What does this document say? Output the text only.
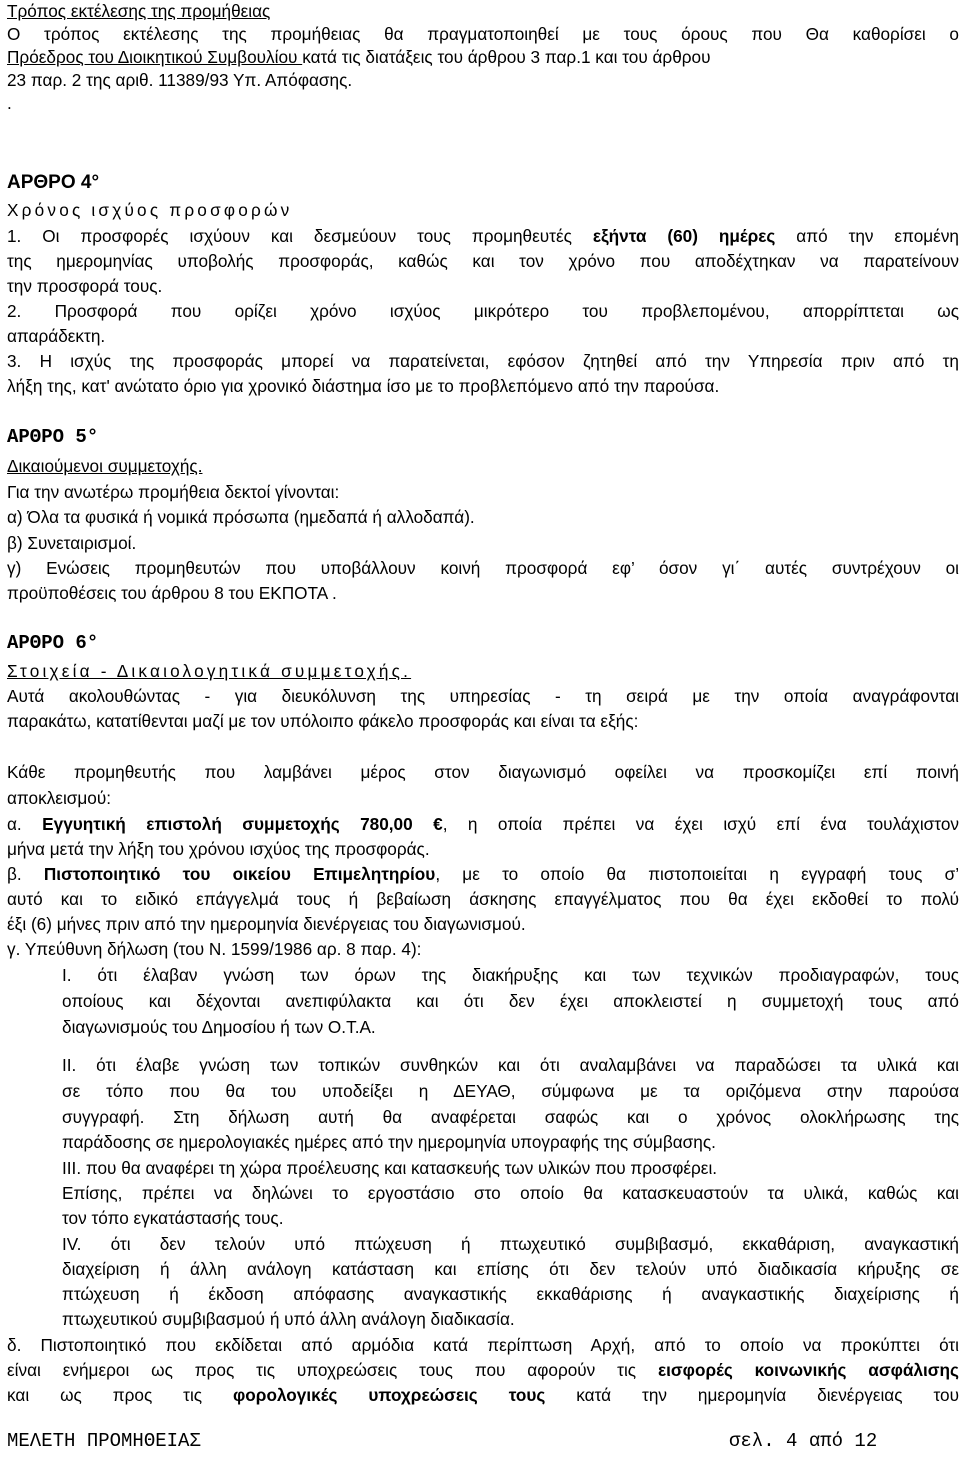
Τρόπος εκτέλεσης της προμήθειας
Ο τρόπος εκτέλεσης της προμήθειας θα πραγματοποιηθεί με τους όρους που Θα καθορίσει ο
Πρόεδρος του Διοικητικού Συμβουλίου κατά τις διατάξεις του άρθρου 3 παρ.1 και του άρθρου
23 παρ. 2 της αριθ. 11389/93 Υπ. Απόφασης.
.
ΑΡΘΡΟ 4°
Χρόνος ισχύος προσφορών
1. Οι προσφορές ισχύουν και δεσμεύουν τους προμηθευτές εξήντα (60) ημέρες από την επομένη
της ημερομηνίας υποβολής προσφοράς, καθώς και τον χρόνο που αποδέχτηκαν να παρατείνουν
την προσφορά τους.
2. Προσφορά που ορίζει χρόνο ισχύος μικρότερο του προβλεπομένου, απορρίπτεται ως
απαράδεκτη.
3. Η ισχύς της προσφοράς μπορεί να παρατείνεται, εφόσον ζητηθεί από την Υπηρεσία πριν από τη
λήξη της, κατ' ανώτατο όριο για χρονικό διάστημα ίσο με το προβλεπόμενο από την παρούσα.
ΑΡΘΡΟ 5°
Δικαιούμενοι συμμετοχής.
Για την ανωτέρω προμήθεια δεκτοί γίνονται:
α) Όλα τα φυσικά ή νομικά πρόσωπα (ημεδαπά ή αλλοδαπά).
β) Συνεταιρισμοί.
γ) Ενώσεις προμηθευτών που υποβάλλουν κοινή προσφορά εφ’ όσον γι΄ αυτές συντρέχουν οι
προϋποθέσεις του άρθρου 8 του ΕΚΠΟΤΑ .
ΑΡΘΡΟ 6°
Στοιχεία - Δικαιολογητικά συμμετοχής.
Αυτά ακολουθώντας - για διευκόλυνση της υπηρεσίας - τη σειρά με την οποία αναγράφονται
παρακάτω, κατατίθενται μαζί με τον υπόλοιπο φάκελο προσφοράς και είναι τα εξής:
Κάθε προμηθευτής που λαμβάνει μέρος στον διαγωνισμό οφείλει να προσκομίζει επί ποινή
αποκλεισμού:
α. Εγγυητική επιστολή συμμετοχής 780,00 €, η οποία πρέπει να έχει ισχύ επί ένα τουλάχιστον
μήνα μετά την λήξη του χρόνου ισχύος της προσφοράς.
β. Πιστοποιητικό του οικείου Επιμελητηρίου, με το οποίο θα πιστοποιείται η εγγραφή τους σ’
αυτό και το ειδικό επάγγελμά τους ή βεβαίωση άσκησης επαγγέλματος που θα έχει εκδοθεί το πολύ
έξι (6) μήνες πριν από την ημερομηνία διενέργειας του διαγωνισμού.
γ. Υπεύθυνη δήλωση (του Ν. 1599/1986 αρ. 8 παρ. 4):
Ι. ότι έλαβαν γνώση των όρων της διακήρυξης και των τεχνικών προδιαγραφών, τους
οποίους και δέχονται ανεπιφύλακτα και ότι δεν έχει αποκλειστεί η συμμετοχή τους από
διαγωνισμούς του Δημοσίου ή των Ο.Τ.Α.
ΙΙ. ότι έλαβε γνώση των τοπικών συνθηκών και ότι αναλαμβάνει να παραδώσει τα υλικά και
σε τόπο που θα του υποδείξει η ΔΕΥΑΘ, σύμφωνα με τα οριζόμενα στην παρούσα
συγγραφή. Στη δήλωση αυτή θα αναφέρεται σαφώς και ο χρόνος ολοκλήρωσης της
παράδοσης σε ημερολογιακές ημέρες από την ημερομηνία υπογραφής της σύμβασης.
ΙΙΙ. που θα αναφέρει τη χώρα προέλευσης και κατασκευής των υλικών που προσφέρει.
Επίσης, πρέπει να δηλώνει το εργοστάσιο στο οποίο θα κατασκευαστούν τα υλικά, καθώς και
τον τόπο εγκατάστασής τους.
ΙV. ότι δεν τελούν υπό πτώχευση ή πτωχευτικό συμβιβασμό, εκκαθάριση, αναγκαστική
διαχείριση ή άλλη ανάλογη κατάσταση και επίσης ότι δεν τελούν υπό διαδικασία κήρυξης σε
πτώχευση ή έκδοση απόφασης αναγκαστικής εκκαθάρισης ή αναγκαστικής διαχείρισης ή
πτωχευτικού συμβιβασμού ή υπό άλλη ανάλογη διαδικασία.
δ. Πιστοποιητικό που εκδίδεται από αρμόδια κατά περίπτωση Αρχή, από το οποίο να προκύπτει ότι
είναι ενήμεροι ως προς τις υποχρεώσεις τους που αφορούν τις εισφορές κοινωνικής ασφάλισης
και ως προς τις φορολογικές υποχρεώσεις τους κατά την ημερομηνία διενέργειας του
ΜΕΛΕΤΗ ΠΡΟΜΗΘΕΙΑΣ	σελ. 4 από 12
